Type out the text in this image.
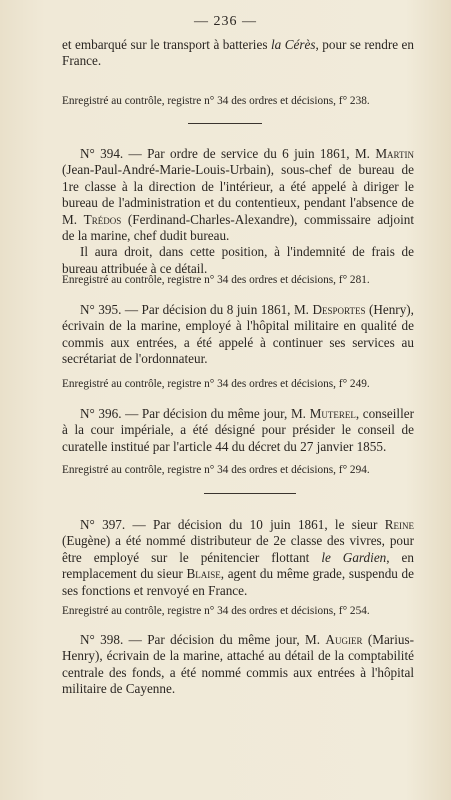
— 236 —

et embarqué sur le transport à batteries la Cérès, pour se rendre en France.

Enregistré au contrôle, registre n° 34 des ordres et décisions, f° 238.

N° 394. — Par ordre de service du 6 juin 1861, M. Martin (Jean-Paul-André-Marie-Louis-Urbain), sous-chef de bureau de 1re classe à la direction de l'intérieur, a été appelé à diriger le bureau de l'administration et du contentieux, pendant l'absence de M. Trédos (Ferdinand-Charles-Alexandre), commissaire adjoint de la marine, chef dudit bureau.

Il aura droit, dans cette position, à l'indemnité de frais de bureau attribuée à ce détail.

Enregistré au contrôle, registre n° 34 des ordres et décisions, f° 281.

N° 395. — Par décision du 8 juin 1861, M. Desportes (Henry), écrivain de la marine, employé à l'hôpital militaire en qualité de commis aux entrées, a été appelé à continuer ses services au secrétariat de l'ordonnateur.

Enregistré au contrôle, registre n° 34 des ordres et décisions, f° 249.

N° 396. — Par décision du même jour, M. Muterel, conseiller à la cour impériale, a été désigné pour présider le conseil de curatelle institué par l'article 44 du décret du 27 janvier 1855.

Enregistré au contrôle, registre n° 34 des ordres et décisions, f° 294.

N° 397. — Par décision du 10 juin 1861, le sieur Reine (Eugène) a été nommé distributeur de 2e classe des vivres, pour être employé sur le pénitencier flottant le Gardien, en remplacement du sieur Blaise, agent du même grade, suspendu de ses fonctions et renvoyé en France.

Enregistré au contrôle, registre n° 34 des ordres et décisions, f° 254.

N° 398. — Par décision du même jour, M. Augier (Marius-Henry), écrivain de la marine, attaché au détail de la comptabilité centrale des fonds, a été nommé commis aux entrées à l'hôpital militaire de Cayenne.
